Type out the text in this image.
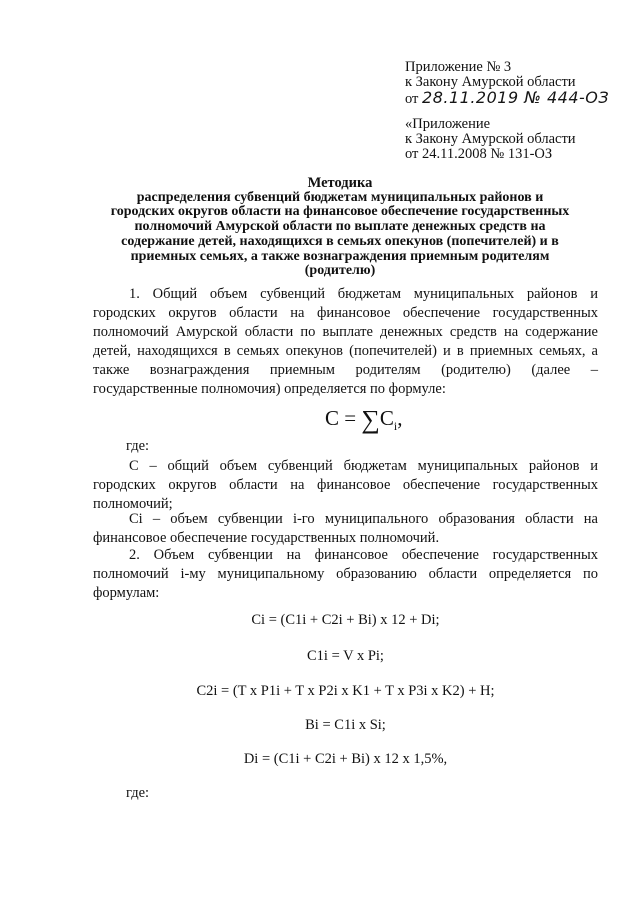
Приложение № 3
к Закону Амурской области
от 28.11.2019 № 444-ОЗ
«Приложение
к Закону Амурской области
от 24.11.2008 № 131-ОЗ
Методика
распределения субвенций бюджетам муниципальных районов и
городских округов области на финансовое обеспечение государственных
полномочий Амурской области по выплате денежных средств на
содержание детей, находящихся в семьях опекунов (попечителей) и в
приемных семьях, а также вознаграждения приемным родителям
(родителю)
1. Общий объем субвенций бюджетам муниципальных районов и городских округов области на финансовое обеспечение государственных полномочий Амурской области по выплате денежных средств на содержание детей, находящихся в семьях опекунов (попечителей) и в приемных семьях, а также вознаграждения приемным родителям (родителю) (далее – государственные полномочия) определяется по формуле:
$C = \sum C_i$,
где:
C – общий объем субвенций бюджетам муниципальных районов и городских округов области на финансовое обеспечение государственных полномочий;
Ci – объем субвенции i-го муниципального образования области на финансовое обеспечение государственных полномочий.
2. Объем субвенции на финансовое обеспечение государственных полномочий i-му муниципальному образованию области определяется по формулам:
Ci = (C1i + C2i + Bi) x 12 + Di;
C1i = V x Pi;
C2i = (T x P1i + T x P2i x K1 + T x P3i x K2) + H;
Bi = C1i x Si;
Di = (C1i + C2i + Bi) x 12 x 1,5%,
где:
